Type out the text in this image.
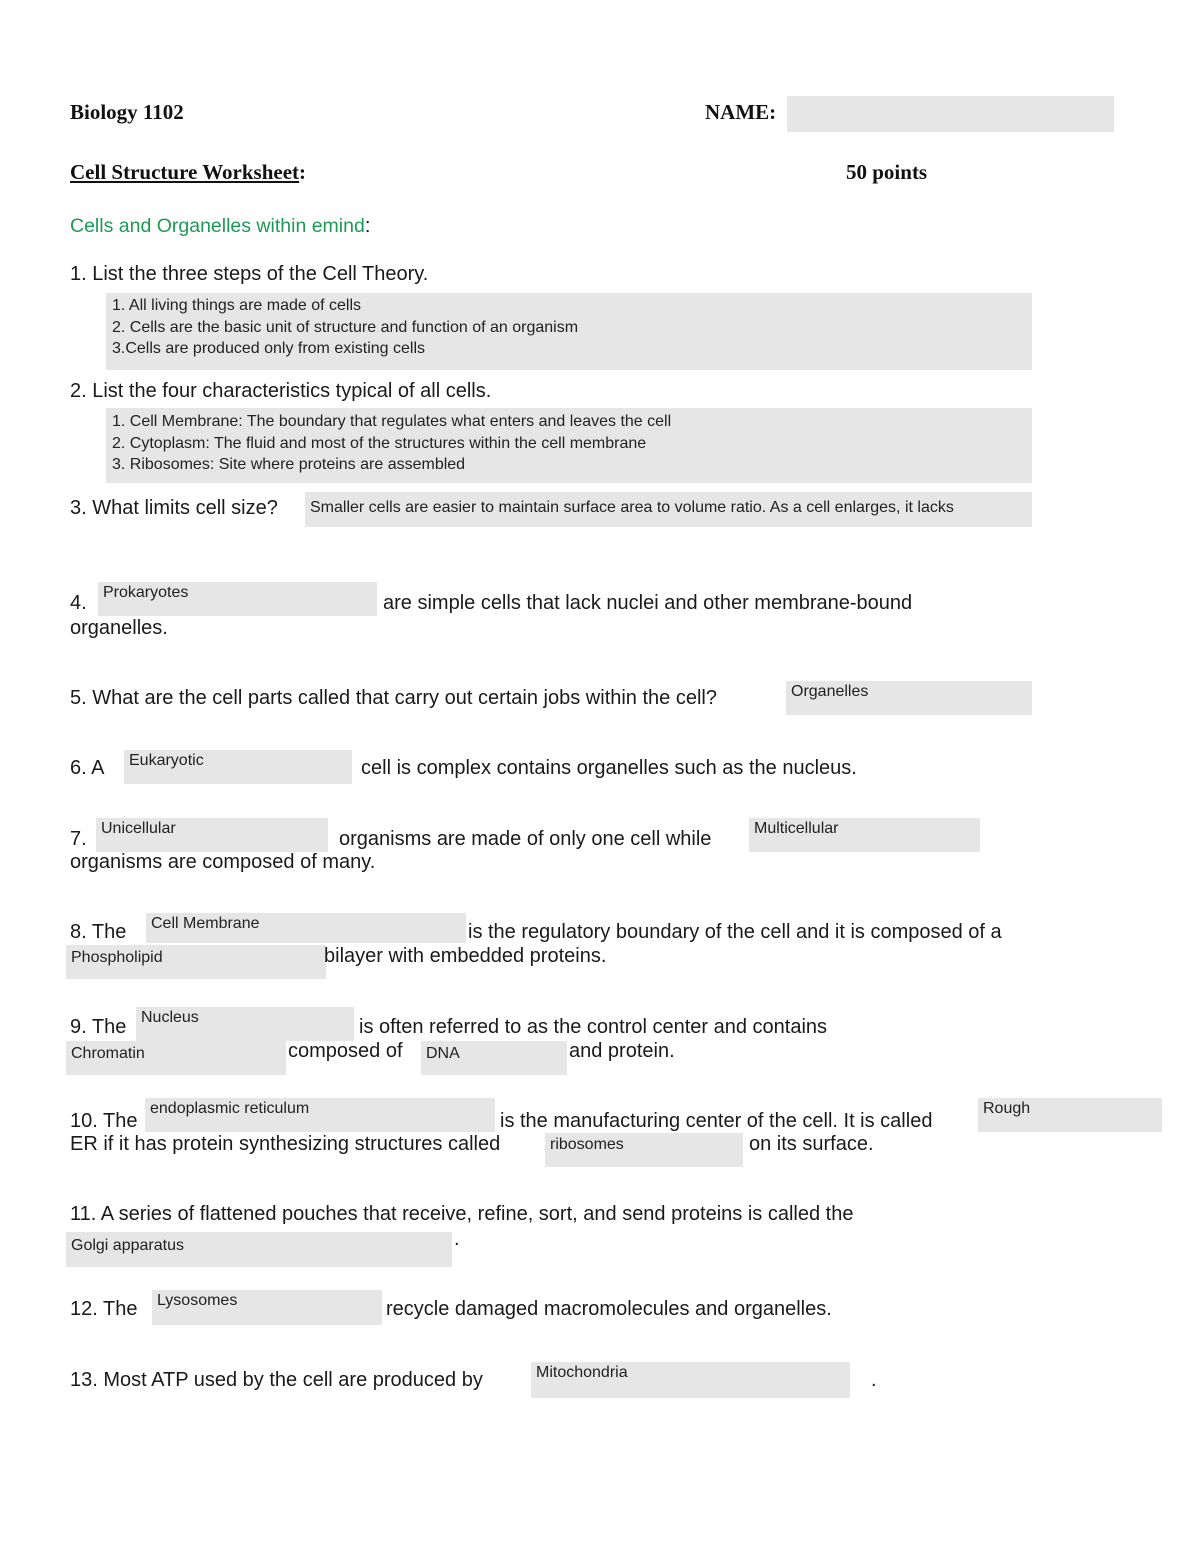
Biology 1102	NAME:
Cell Structure Worksheet:	50 points
Cells and Organelles within emind:
1. List the three steps of the Cell Theory.
1. All living things are made of cells
2. Cells are the basic unit of structure and function of an organism
3.Cells are produced only from existing cells
2. List the four characteristics typical of all cells.
1. Cell Membrane: The boundary that regulates what enters and leaves the cell
2. Cytoplasm: The fluid and most of the structures within the cell membrane
3. Ribosomes: Site where proteins are assembled
3. What limits cell size? Smaller cells are easier to maintain surface area to volume ratio. As a cell enlarges, it lacks
4. Prokaryotes	are simple cells that lack nuclei and other membrane-bound
organelles.
5. What are the cell parts called that carry out certain jobs within the cell?	Organelles
6. A Eukaryotic	cell is complex contains organelles such as the nucleus.
7. Unicellular	organisms are made of only one cell while	Multicellular
organisms are composed of many.
8. The Cell Membrane	is the regulatory boundary of the cell and it is composed of a
Phospholipid	bilayer with embedded proteins.
9. The Nucleus	is often referred to as the control center and contains
Chromatin	composed of DNA	and protein.
10. The
endoplasmic reticulum
is the manufacturing center of the cell. It is called
Rough
ER if it has protein synthesizing structures called	ribosomes	on its surface.
11. A series of flattened pouches that receive, refine, sort, and send proteins is called the
Golgi apparatus	.
12. The Lysosomes	recycle damaged macromolecules and organelles.
13. Most ATP used by the cell are produced by	Mitochondria	.
